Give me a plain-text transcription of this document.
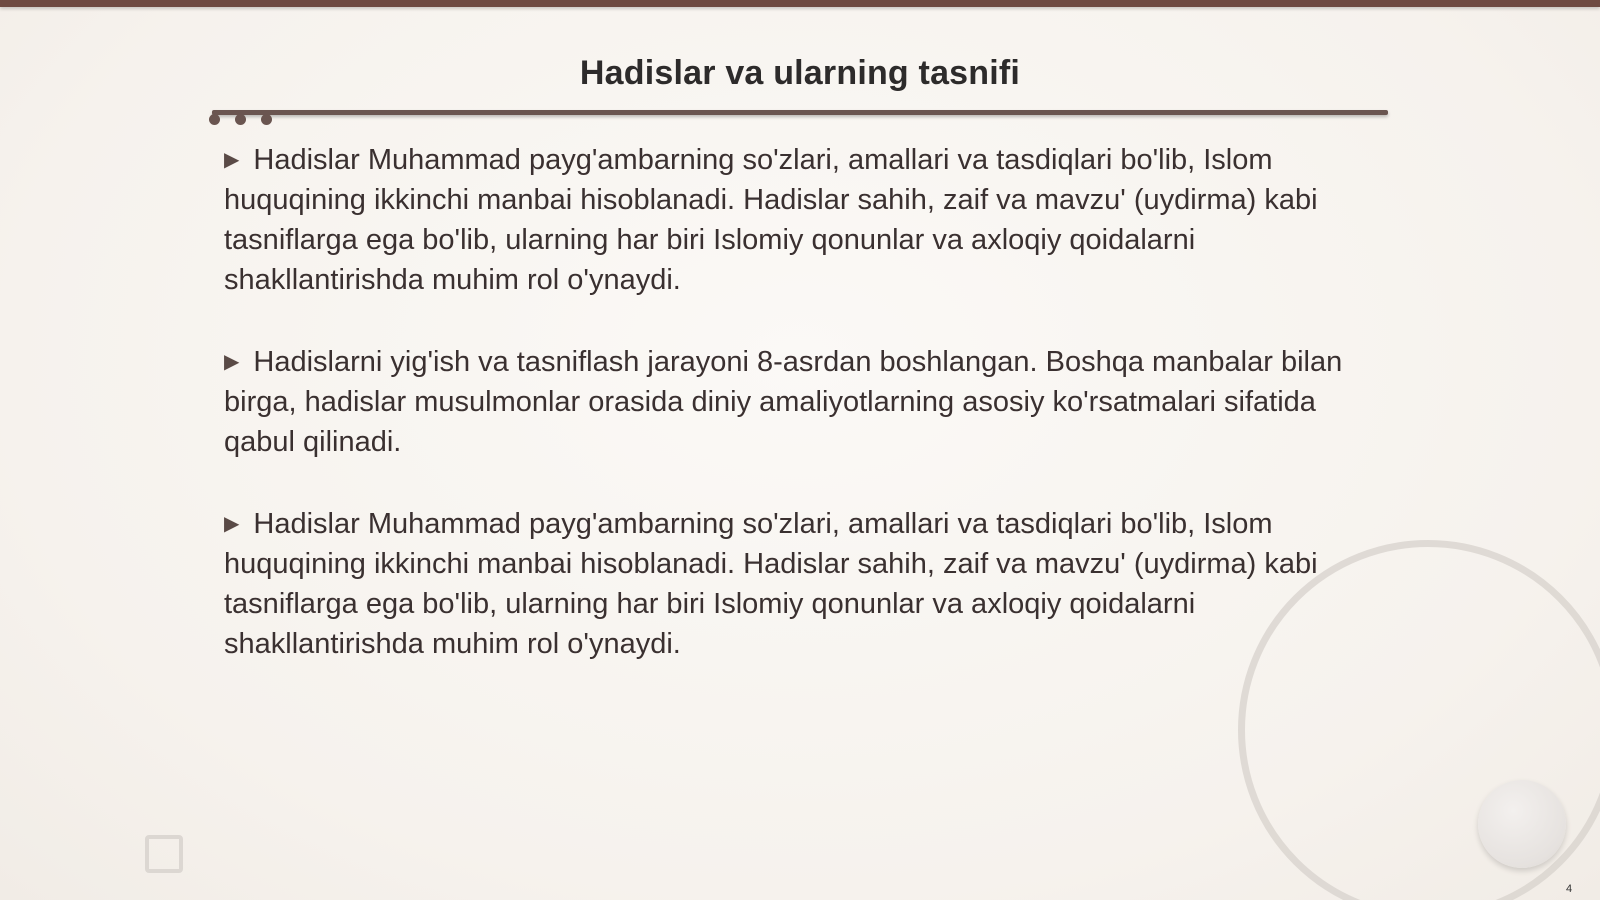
Hadislar va ularning tasnifi

▶ Hadislar Muhammad payg'ambarning so'zlari, amallari va tasdiqlari bo'lib, Islom huquqining ikkinchi manbai hisoblanadi. Hadislar sahih, zaif va mavzu' (uydirma) kabi tasniflarga ega bo'lib, ularning har biri Islomiy qonunlar va axloqiy qoidalarni shakllantirishda muhim rol o'ynaydi.

▶ Hadislarni yig'ish va tasniflash jarayoni 8-asrdan boshlangan. Boshqa manbalar bilan birga, hadislar musulmonlar orasida diniy amaliyotlarning asosiy ko'rsatmalari sifatida qabul qilinadi.

▶ Hadislar Muhammad payg'ambarning so'zlari, amallari va tasdiqlari bo'lib, Islom huquqining ikkinchi manbai hisoblanadi. Hadislar sahih, zaif va mavzu' (uydirma) kabi tasniflarga ega bo'lib, ularning har biri Islomiy qonunlar va axloqiy qoidalarni shakllantirishda muhim rol o'ynaydi.

4
